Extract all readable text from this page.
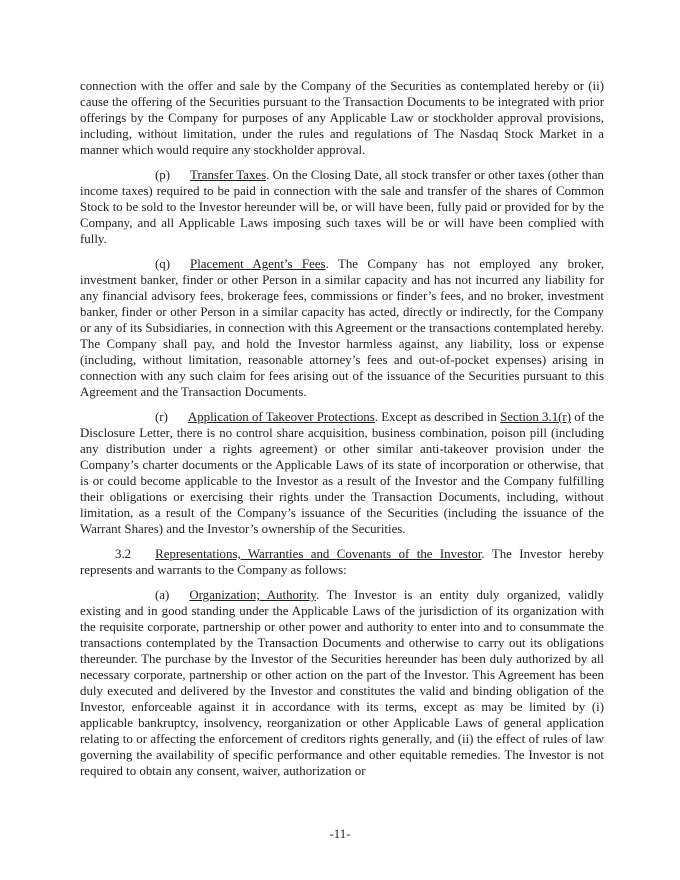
connection with the offer and sale by the Company of the Securities as contemplated hereby or (ii) cause the offering of the Securities pursuant to the Transaction Documents to be integrated with prior offerings by the Company for purposes of any Applicable Law or stockholder approval provisions, including, without limitation, under the rules and regulations of The Nasdaq Stock Market in a manner which would require any stockholder approval.

(p) Transfer Taxes. On the Closing Date, all stock transfer or other taxes (other than income taxes) required to be paid in connection with the sale and transfer of the shares of Common Stock to be sold to the Investor hereunder will be, or will have been, fully paid or provided for by the Company, and all Applicable Laws imposing such taxes will be or will have been complied with fully.

(q) Placement Agent’s Fees. The Company has not employed any broker, investment banker, finder or other Person in a similar capacity and has not incurred any liability for any financial advisory fees, brokerage fees, commissions or finder’s fees, and no broker, investment banker, finder or other Person in a similar capacity has acted, directly or indirectly, for the Company or any of its Subsidiaries, in connection with this Agreement or the transactions contemplated hereby. The Company shall pay, and hold the Investor harmless against, any liability, loss or expense (including, without limitation, reasonable attorney’s fees and out-of-pocket expenses) arising in connection with any such claim for fees arising out of the issuance of the Securities pursuant to this Agreement and the Transaction Documents.

(r) Application of Takeover Protections. Except as described in Section 3.1(r) of the Disclosure Letter, there is no control share acquisition, business combination, poison pill (including any distribution under a rights agreement) or other similar anti-takeover provision under the Company’s charter documents or the Applicable Laws of its state of incorporation or otherwise, that is or could become applicable to the Investor as a result of the Investor and the Company fulfilling their obligations or exercising their rights under the Transaction Documents, including, without limitation, as a result of the Company’s issuance of the Securities (including the issuance of the Warrant Shares) and the Investor’s ownership of the Securities.

3.2 Representations, Warranties and Covenants of the Investor. The Investor hereby represents and warrants to the Company as follows:

(a) Organization; Authority. The Investor is an entity duly organized, validly existing and in good standing under the Applicable Laws of the jurisdiction of its organization with the requisite corporate, partnership or other power and authority to enter into and to consummate the transactions contemplated by the Transaction Documents and otherwise to carry out its obligations thereunder. The purchase by the Investor of the Securities hereunder has been duly authorized by all necessary corporate, partnership or other action on the part of the Investor. This Agreement has been duly executed and delivered by the Investor and constitutes the valid and binding obligation of the Investor, enforceable against it in accordance with its terms, except as may be limited by (i) applicable bankruptcy, insolvency, reorganization or other Applicable Laws of general application relating to or affecting the enforcement of creditors rights generally, and (ii) the effect of rules of law governing the availability of specific performance and other equitable remedies. The Investor is not required to obtain any consent, waiver, authorization or

-11-
